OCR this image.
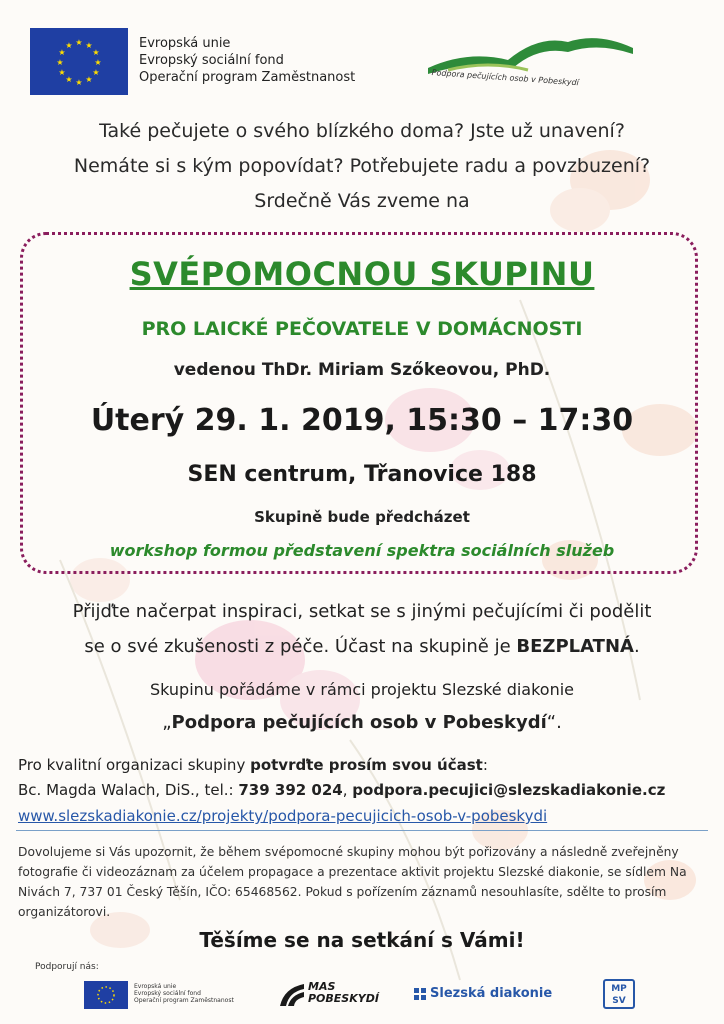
★ ★
★
★
★
★
★
★
★
★
★
★	Evropská unie
Evropský sociální fond
Operační program Zaměstnanost	Podpora pečujících osob v Pobeskydí
Také pečujete o svého blízkého doma? Jste už unavení?
Nemáte si s kým popovídat? Potřebujete radu a povzbuzení?
Srdečně Vás zveme na
SVÉPOMOCNOU SKUPINU
PRO LAICKÉ PEČOVATELE V DOMÁCNOSTI
vedenou ThDr. Miriam Szőkeovou, PhD.
Úterý 29. 1. 2019, 15:30 – 17:30
SEN centrum, Třanovice 188
Skupině bude předcházet
workshop formou představení spektra sociálních služeb
Přijďte načerpat inspiraci, setkat se s jinými pečujícími či podělit
se o své zkušenosti z péče. Účast na skupině je BEZPLATNÁ.
Skupinu pořádáme v rámci projektu Slezské diakonie
„Podpora pečujících osob v Pobeskydí“.
Pro kvalitní organizaci skupiny potvrďte prosím svou účast:
Bc. Magda Walach, DiS., tel.: 739 392 024, podpora.pecujici@slezskadiakonie.cz
www.slezskadiakonie.cz/projekty/podpora-pecujicich-osob-v-pobeskydi
Dovolujeme si Vás upozornit, že během svépomocné skupiny mohou být pořizovány a následně zveřejněny
fotografie či videozáznam za účelem propagace a prezentace aktivit projektu Slezské diakonie, se sídlem Na
Nivách 7, 737 01 Český Těšín, IČO: 65468562. Pokud s pořízením záznamů nesouhlasíte, sdělte to prosím
organizátorovi.
Těšíme se na setkání s Vámi!
Podporují nás:
Evropská unie
Evropský sociální fond
Operační program Zaměstnanost
MAS
POBESKYDÍ	Slezská diakonie	MP
SV
